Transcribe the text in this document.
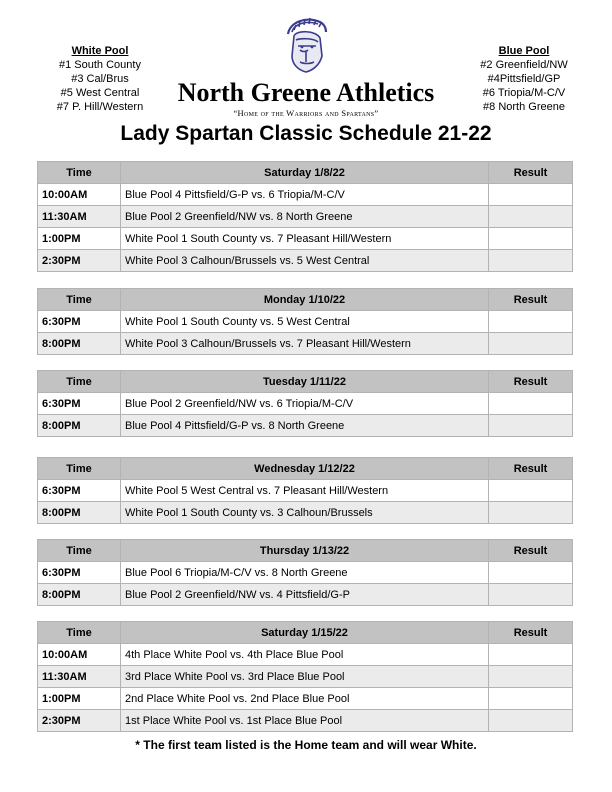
White Pool
#1 South County
#3 Cal/Brus
#5 West Central
#7 P. Hill/Western
Blue Pool
#2 Greenfield/NW
#4Pittsfield/GP
#6 Triopia/M-C/V
#8 North Greene
North Greene Athletics
“Home of the Warriors and Spartans”
Lady Spartan Classic Schedule 21-22
Time	Saturday 1/8/22	Result
10:00AM	Blue Pool 4 Pittsfield/G-P vs. 6 Triopia/M-C/V	
11:30AM	Blue Pool 2 Greenfield/NW vs. 8 North Greene	
1:00PM	White Pool 1 South County vs. 7 Pleasant Hill/Western	
2:30PM	White Pool 3 Calhoun/Brussels vs. 5 West Central	
Time	Monday 1/10/22	Result
6:30PM	White Pool 1 South County vs. 5 West Central	
8:00PM	White Pool 3 Calhoun/Brussels vs. 7 Pleasant Hill/Western	
Time	Tuesday 1/11/22	Result
6:30PM	Blue Pool 2 Greenfield/NW vs. 6 Triopia/M-C/V	
8:00PM	Blue Pool 4 Pittsfield/G-P vs. 8 North Greene	
Time	Wednesday 1/12/22	Result
6:30PM	White Pool 5 West Central vs. 7 Pleasant Hill/Western	
8:00PM	White Pool 1 South County vs. 3 Calhoun/Brussels	
Time	Thursday 1/13/22	Result
6:30PM	Blue Pool 6 Triopia/M-C/V vs. 8 North Greene	
8:00PM	Blue Pool 2 Greenfield/NW vs. 4 Pittsfield/G-P	
Time	Saturday 1/15/22	Result
10:00AM	4th Place White Pool vs. 4th Place Blue Pool	
11:30AM	3rd Place White Pool vs. 3rd Place Blue Pool	
1:00PM	2nd Place White Pool vs. 2nd Place Blue Pool	
2:30PM	1st Place White Pool vs. 1st Place Blue Pool	
* The first team listed is the Home team and will wear White.
